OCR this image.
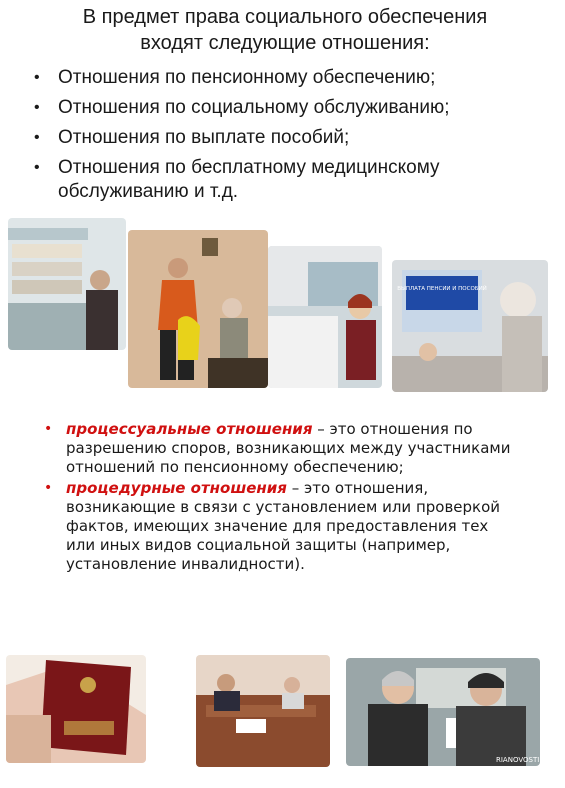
В предмет права социального обеспечения
входят следующие отношения:
• Отношения по пенсионному обеспечению;
• Отношения по социальному обслуживанию;
• Отношения по выплате пособий;
• Отношения по бесплатному медицинскому обслуживанию и т.д.
ВЫПЛАТА ПЕНСИИ И ПОСОБИЙ
• процессуальные отношения – это отношения по разрешению споров, возникающих между участниками отношений по пенсионному обеспечению;
• процедурные отношения – это отношения, возникающие в связи с установлением или проверкой фактов, имеющих значение для предоставления тех или иных видов социальной защиты (например, установление инвалидности).
RIANOVOSTI
